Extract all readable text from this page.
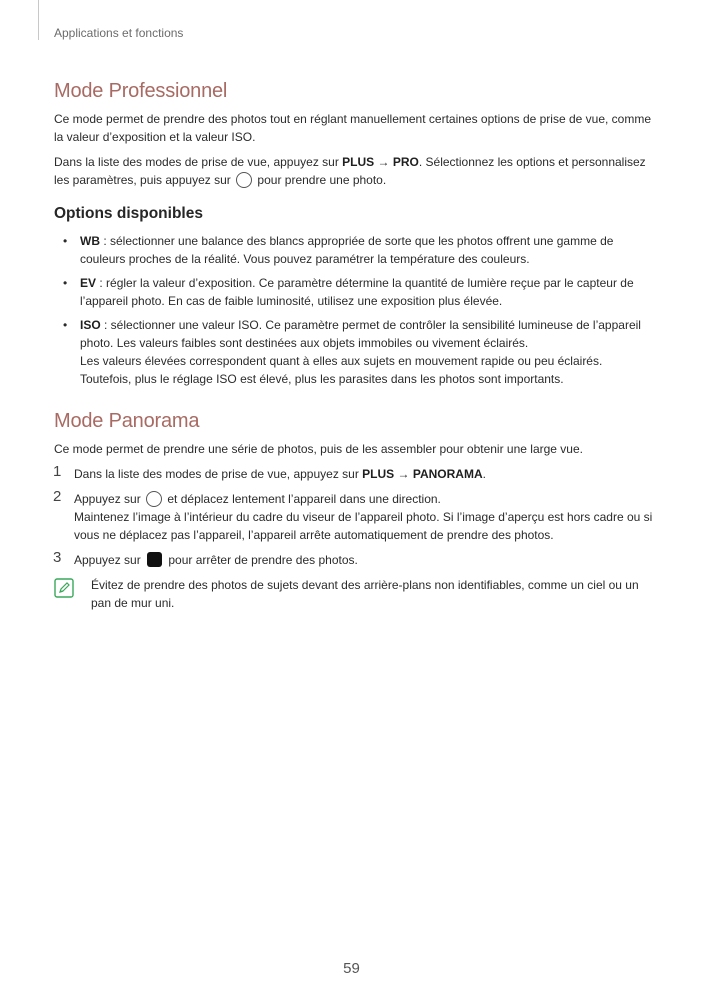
Applications et fonctions
Mode Professionnel

Ce mode permet de prendre des photos tout en réglant manuellement certaines options de prise de vue, comme la valeur d’exposition et la valeur ISO.

Dans la liste des modes de prise de vue, appuyez sur PLUS → PRO. Sélectionnez les options et personnalisez les paramètres, puis appuyez sur  pour prendre une photo.

Options disponibles
• WB : sélectionner une balance des blancs appropriée de sorte que les photos offrent une gamme de couleurs proches de la réalité. Vous pouvez paramétrer la température des couleurs.
• EV : régler la valeur d’exposition. Ce paramètre détermine la quantité de lumière reçue par le capteur de l’appareil photo. En cas de faible luminosité, utilisez une exposition plus élevée.
• ISO : sélectionner une valeur ISO. Ce paramètre permet de contrôler la sensibilité lumineuse de l’appareil photo. Les valeurs faibles sont destinées aux objets immobiles ou vivement éclairés.
Les valeurs élevées correspondent quant à elles aux sujets en mouvement rapide ou peu éclairés. Toutefois, plus le réglage ISO est élevé, plus les parasites dans les photos sont importants.
Mode Panorama

Ce mode permet de prendre une série de photos, puis de les assembler pour obtenir une large vue.

1 Dans la liste des modes de prise de vue, appuyez sur PLUS → PANORAMA.
2 Appuyez sur  et déplacez lentement l’appareil dans une direction.
Maintenez l’image à l’intérieur du cadre du viseur de l’appareil photo. Si l’image d’aperçu est hors cadre ou si vous ne déplacez pas l’appareil, l’appareil arrête automatiquement de prendre des photos.
3 Appuyez sur  pour arrêter de prendre des photos.
Évitez de prendre des photos de sujets devant des arrière-plans non identifiables, comme un ciel ou un pan de mur uni.
59
